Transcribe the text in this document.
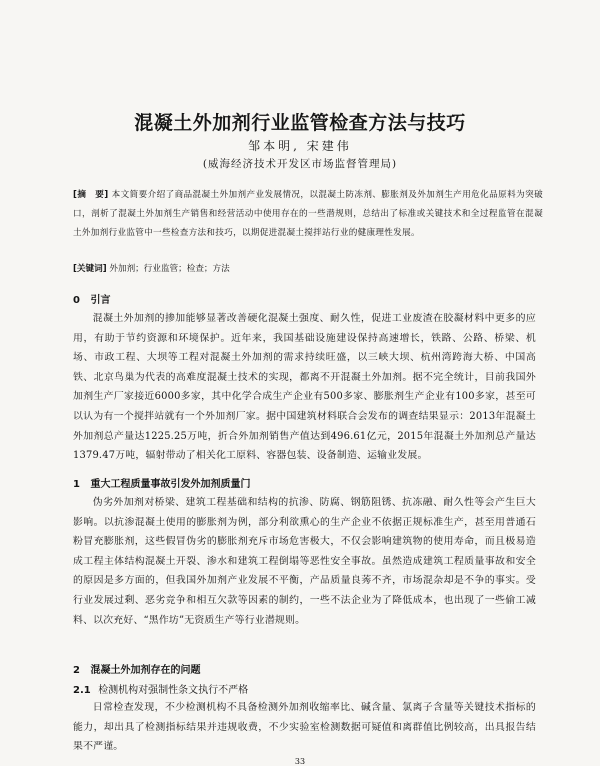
混凝土外加剂行业监管检查方法与技巧
邹本明, 宋建伟
(威海经济技术开发区市场监督管理局)
[摘　要] 本文简要介绍了商品混凝土外加剂产业发展情况，以混凝土防冻剂、膨胀剂及外加剂生产用危化品原料为突破口，剖析了混凝土外加剂生产销售和经营活动中使用存在的一些潜规则，总结出了标准或关键技术和全过程监管在混凝土外加剂行业监管中一些检查方法和技巧，以期促进混凝土搅拌站行业的健康理性发展。
[关键词] 外加剂；行业监管；检查；方法
0 引言
混凝土外加剂的掺加能够显著改善硬化混凝土强度、耐久性，促进工业废渣在胶凝材料中更多的应用，有助于节约资源和环境保护。近年来，我国基础设施建设保持高速增长，铁路、公路、桥梁、机场、市政工程、大坝等工程对混凝土外加剂的需求持续旺盛，以三峡大坝、杭州湾跨海大桥、中国高铁、北京鸟巢为代表的高难度混凝土技术的实现，都离不开混凝土外加剂。据不完全统计，目前我国外加剂生产厂家接近6000多家，其中化学合成生产企业有500多家、膨胀剂生产企业有100多家，甚至可以认为有一个搅拌站就有一个外加剂厂家。据中国建筑材料联合会发布的调查结果显示：2013年混凝土外加剂总产量达1225.25万吨，折合外加剂销售产值达到496.61亿元，2015年混凝土外加剂总产量达1379.47万吨，辐射带动了相关化工原料、容器包装、设备制造、运输业发展。
1 重大工程质量事故引发外加剂质量门
伪劣外加剂对桥梁、建筑工程基础和结构的抗渗、防腐、钢筋阻锈、抗冻融、耐久性等会产生巨大影响。以抗渗混凝土使用的膨胀剂为例，部分利欲熏心的生产企业不依据正规标准生产，甚至用普通石粉冒充膨胀剂，这些假冒伪劣的膨胀剂充斥市场危害极大，不仅会影响建筑物的使用寿命，而且极易造成工程主体结构混凝土开裂、渗水和建筑工程倒塌等恶性安全事故。虽然造成建筑工程质量事故和安全的原因是多方面的，但我国外加剂产业发展不平衡，产品质量良莠不齐，市场混杂却是不争的事实。受行业发展过剩、恶劣竞争和相互欠款等因素的制约，一些不法企业为了降低成本，也出现了一些偷工减料、以次充好、“黑作坊”无资质生产等行业潜规则。
2 混凝土外加剂存在的问题
2.1 检测机构对强制性条文执行不严格
日常检查发现，不少检测机构不具备检测外加剂收缩率比、碱含量、氯离子含量等关键技术指标的能力，却出具了检测指标结果并违规收费，不少实验室检测数据可疑值和离群值比例较高，出具报告结果不严谨。
33
